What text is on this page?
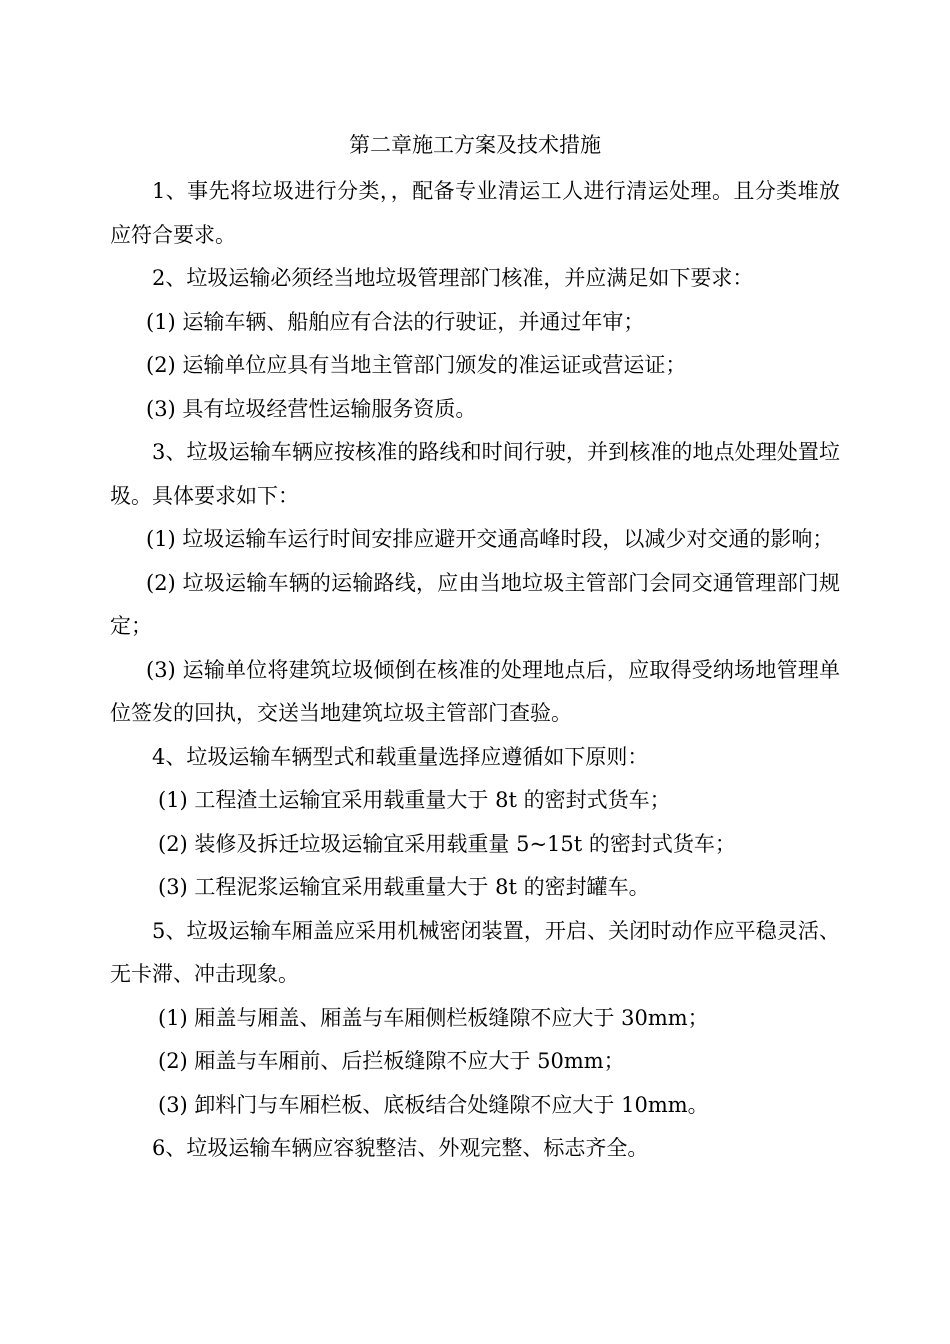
第二章施工方案及技术措施

1、事先将垃圾进行分类，，配备专业清运工人进行清运处理。且分类堆放应符合要求。

2、垃圾运输必须经当地垃圾管理部门核准，并应满足如下要求：

(1) 运输车辆、船舶应有合法的行驶证，并通过年审；

(2) 运输单位应具有当地主管部门颁发的准运证或营运证；

(3) 具有垃圾经营性运输服务资质。

3、垃圾运输车辆应按核准的路线和时间行驶，并到核准的地点处理处置垃圾。具体要求如下：

(1) 垃圾运输车运行时间安排应避开交通高峰时段，以减少对交通的影响；

(2) 垃圾运输车辆的运输路线，应由当地垃圾主管部门会同交通管理部门规定；

(3) 运输单位将建筑垃圾倾倒在核准的处理地点后，应取得受纳场地管理单位签发的回执，交送当地建筑垃圾主管部门查验。

4、垃圾运输车辆型式和载重量选择应遵循如下原则：

(1) 工程渣土运输宜采用载重量大于 8t 的密封式货车；

(2) 装修及拆迁垃圾运输宜采用载重量 5~15t 的密封式货车；

(3) 工程泥浆运输宜采用载重量大于 8t 的密封罐车。

5、垃圾运输车厢盖应采用机械密闭装置，开启、关闭时动作应平稳灵活、无卡滞、冲击现象。

(1) 厢盖与厢盖、厢盖与车厢侧栏板缝隙不应大于 30mm；

(2) 厢盖与车厢前、后拦板缝隙不应大于 50mm；

(3) 卸料门与车厢栏板、底板结合处缝隙不应大于 10mm。

6、垃圾运输车辆应容貌整洁、外观完整、标志齐全。
